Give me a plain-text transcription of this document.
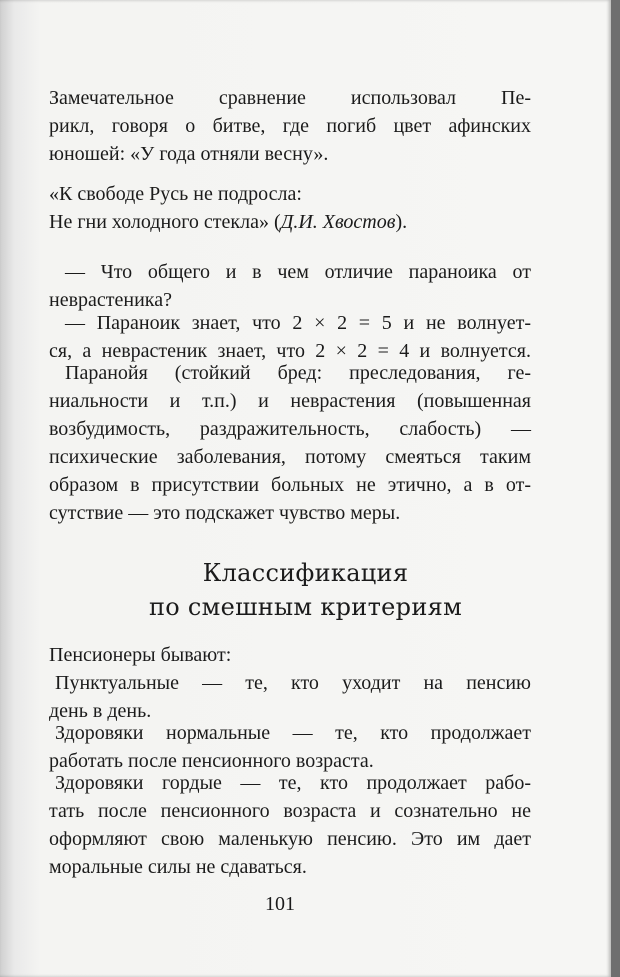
Замечательное сравнение использовал Пе-
рикл, говоря о битве, где погиб цвет афинских
юношей: «У года отняли весну».
«К свободе Русь не подросла:
Не гни холодного стекла» (Д.И. Хвостов).
— Что общего и в чем отличие параноика от
неврастеника?
— Параноик знает, что 2 × 2 = 5 и не волнует-
ся, а неврастеник знает, что 2 × 2 = 4 и волнуется.
Паранойя (стойкий бред: преследования, ге-
ниальности и т.п.) и неврастения (повышенная
возбудимость, раздражительность, слабость) —
психические заболевания, потому смеяться таким
образом в присутствии больных не этично, а в от-
сутствие — это подскажет чувство меры.
Классификация
по смешным критериям
Пенсионеры бывают:
Пунктуальные — те, кто уходит на пенсию
день в день.
Здоровяки нормальные — те, кто продолжает
работать после пенсионного возраста.
Здоровяки гордые — те, кто продолжает рабо-
тать после пенсионного возраста и сознательно не
оформляют свою маленькую пенсию. Это им дает
моральные силы не сдаваться.
101
